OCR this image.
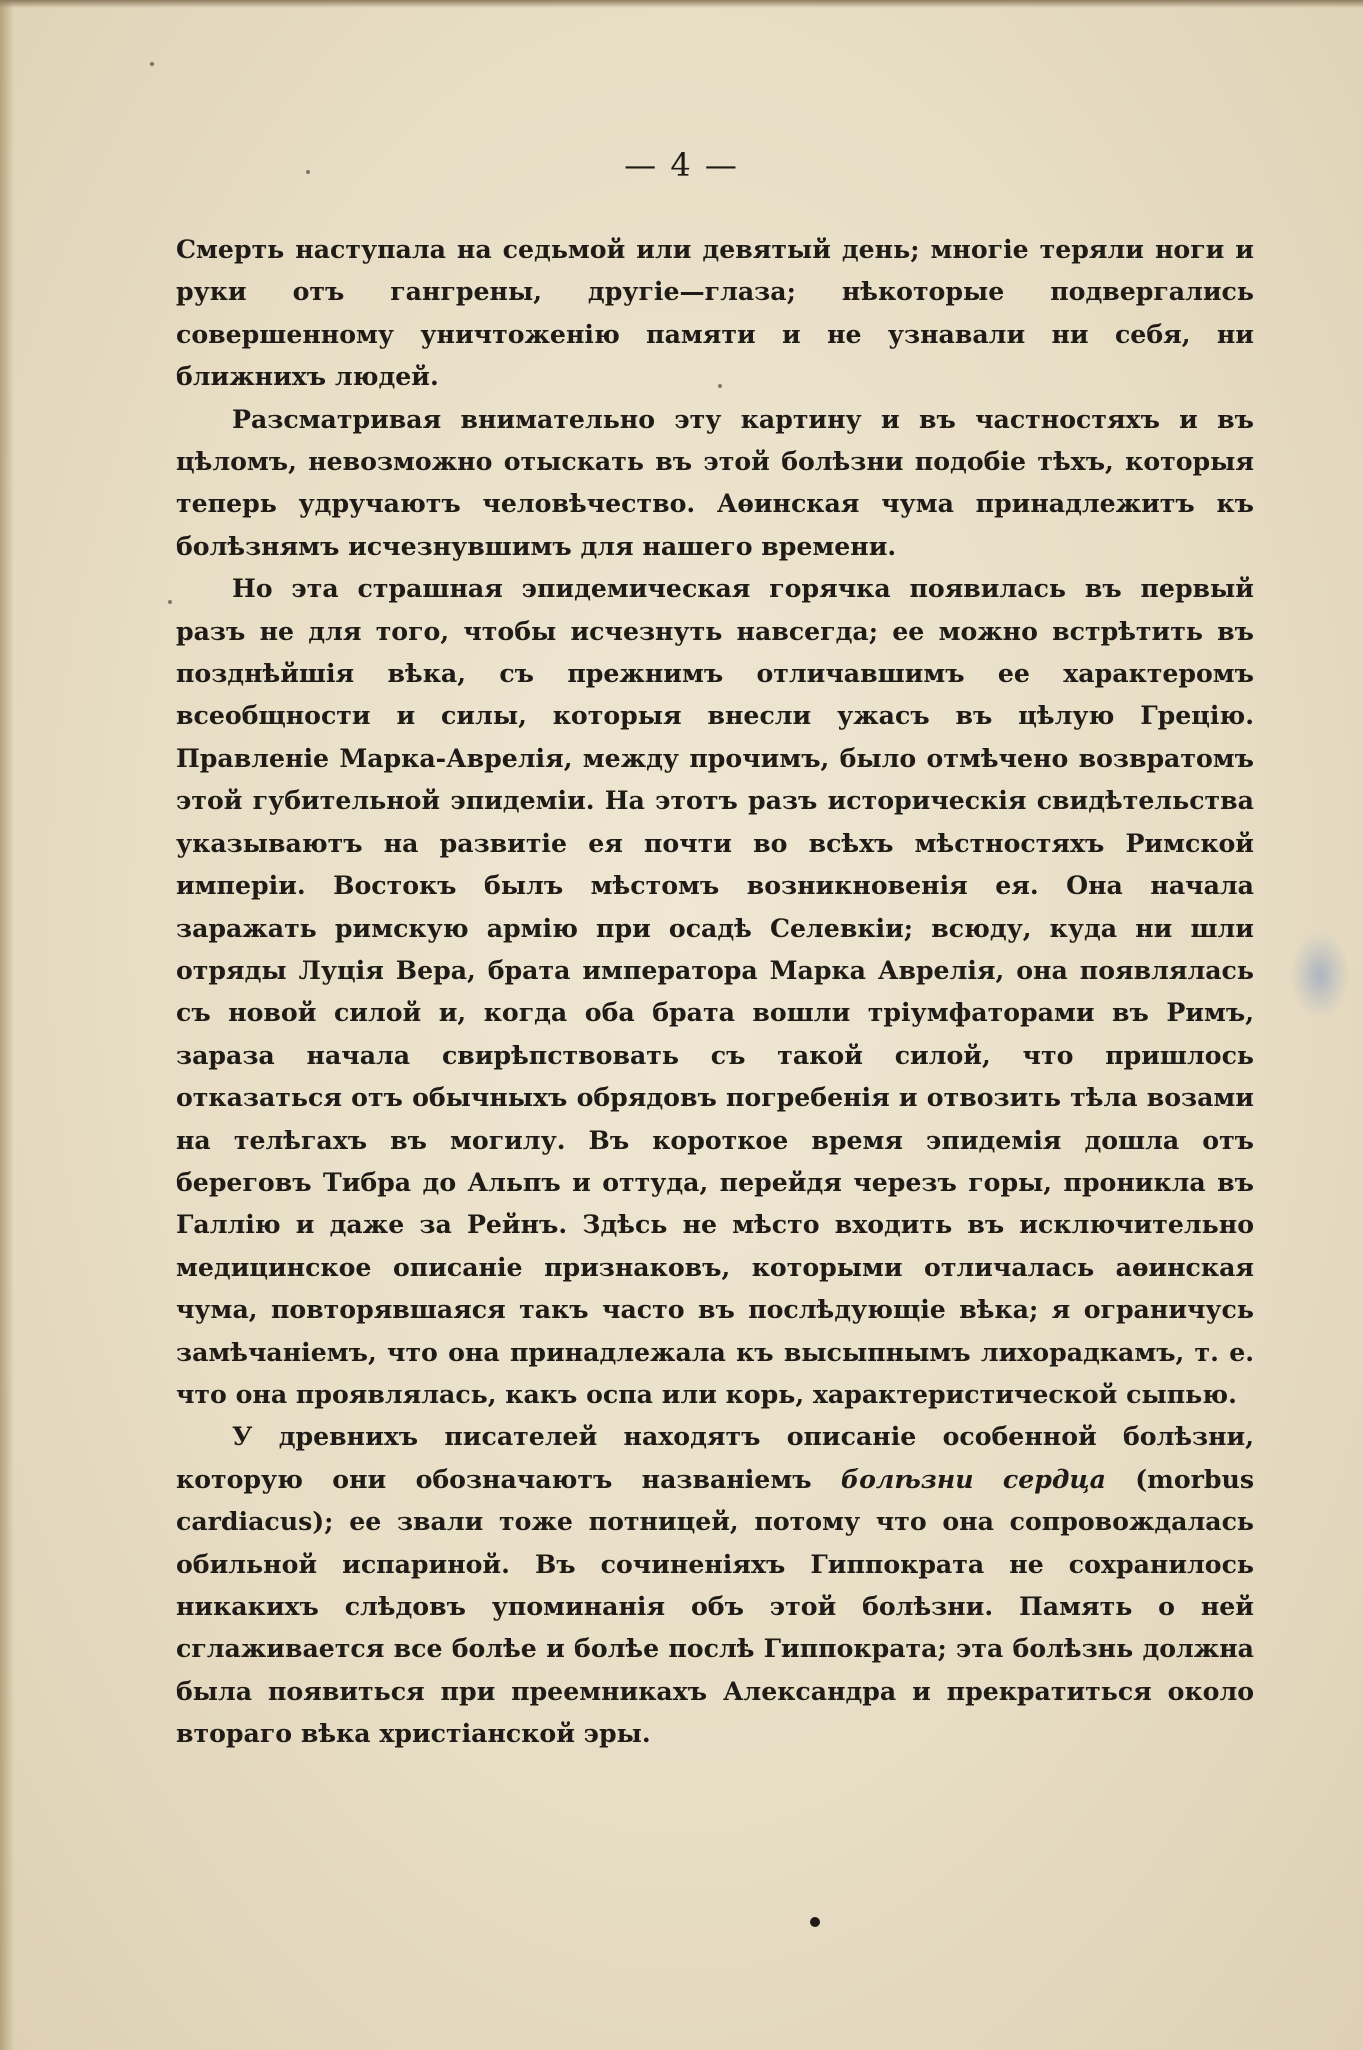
— 4 —

Смерть наступала на седьмой или девятый день; многіе теряли ноги и руки отъ гангрены, другіе—глаза; нѣкоторые подвергались совершенному уничтоженію памяти и не узнавали ни себя, ни ближнихъ людей.

Разсматривая внимательно эту картину и въ частностяхъ и въ цѣломъ, невозможно отыскать въ этой болѣзни подобіе тѣхъ, которыя теперь удручаютъ человѣчество. Аѳинская чума принадлежитъ къ болѣзнямъ исчезнувшимъ для нашего времени.

Но эта страшная эпидемическая горячка появилась въ первый разъ не для того, чтобы исчезнуть навсегда; ее можно встрѣтить въ позднѣйшія вѣка, съ прежнимъ отличавшимъ ее характеромъ всеобщности и силы, которыя внесли ужасъ въ цѣлую Грецію. Правленіе Марка-Аврелія, между прочимъ, было отмѣчено возвратомъ этой губительной эпидеміи. На этотъ разъ историческія свидѣтельства указываютъ на развитіе ея почти во всѣхъ мѣстностяхъ Римской имперіи. Востокъ былъ мѣстомъ возникновенія ея. Она начала заражать римскую армію при осадѣ Селевкіи; всюду, куда ни шли отряды Луція Вера, брата императора Марка Аврелія, она появлялась съ новой силой и, когда оба брата вошли тріумфаторами въ Римъ, зараза начала свирѣпствовать съ такой силой, что пришлось отказаться отъ обычныхъ обрядовъ погребенія и отвозить тѣла возами на телѣгахъ въ могилу. Въ короткое время эпидемія дошла отъ береговъ Тибра до Альпъ и оттуда, перейдя черезъ горы, проникла въ Галлію и даже за Рейнъ. Здѣсь не мѣсто входить въ исключительно медицинское описаніе признаковъ, которыми отличалась аѳинская чума, повторявшаяся такъ часто въ послѣдующіе вѣка; я ограничусь замѣчаніемъ, что она принадлежала къ высыпнымъ лихорадкамъ, т. е. что она проявлялась, какъ оспа или корь, характеристической сыпью.

У древнихъ писателей находятъ описаніе особенной болѣзни, которую они обозначаютъ названіемъ болѣзни сердца (morbus cardiacus); ее звали тоже потницей, потому что она сопровождалась обильной испариной. Въ сочиненіяхъ Гиппократа не сохранилось никакихъ слѣдовъ упоминанія объ этой болѣзни. Память о ней сглаживается все болѣе и болѣе послѣ Гиппократа; эта болѣзнь должна была появиться при преемникахъ Александра и прекратиться около втораго вѣка христіанской эры.
